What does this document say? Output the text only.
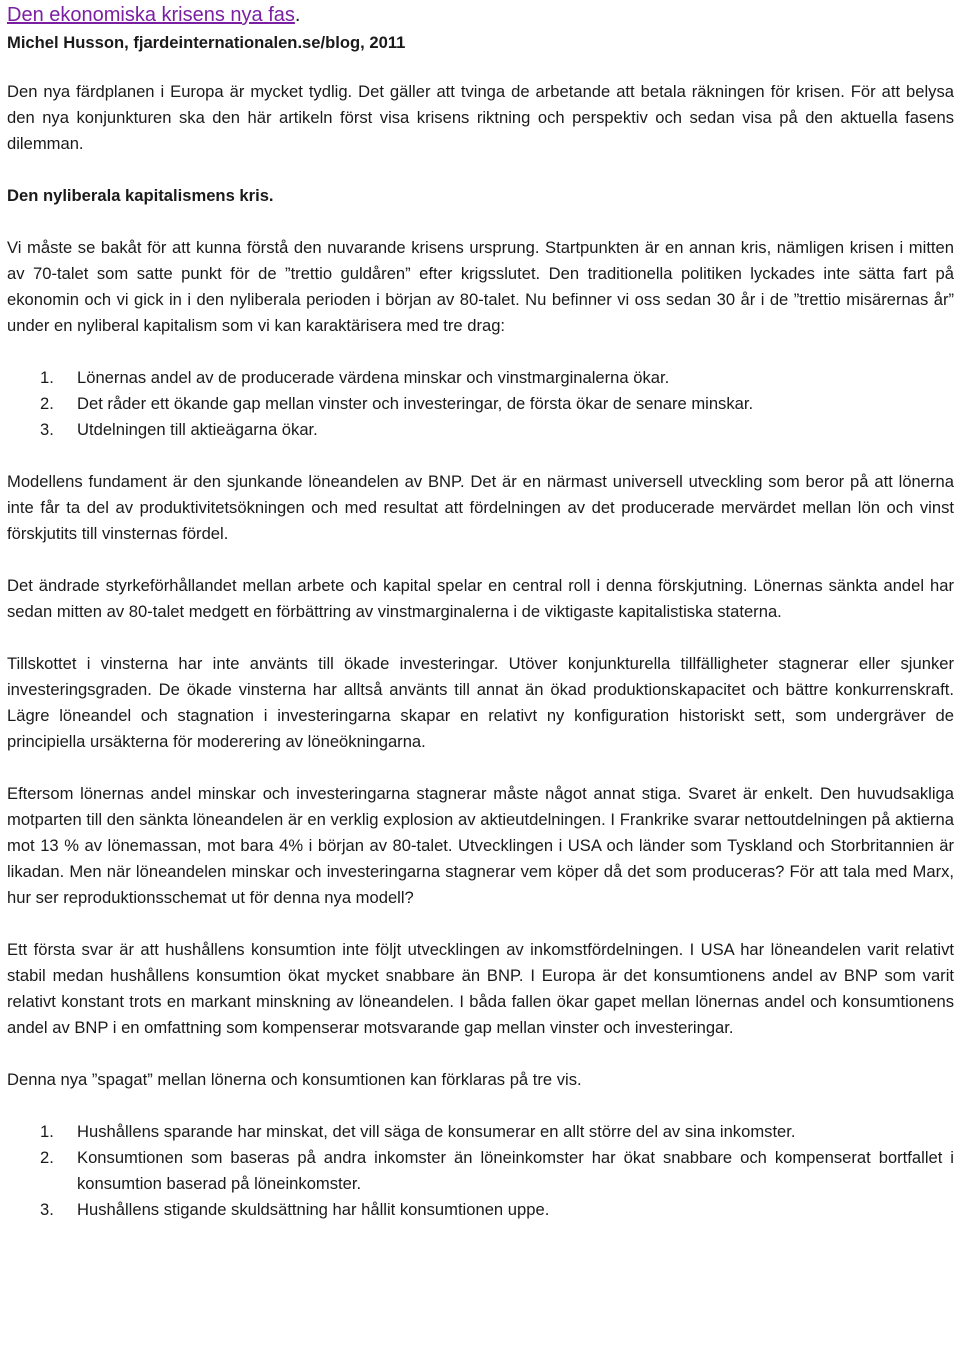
Den ekonomiska krisens nya fas.
Michel Husson, fjardeinternationalen.se/blog, 2011

Den nya färdplanen i Europa är mycket tydlig. Det gäller att tvinga de arbetande att betala räkningen för krisen. För att belysa den nya konjunkturen ska den här artikeln först visa krisens riktning och perspektiv och sedan visa på den aktuella fasens dilemman.

Den nyliberala kapitalismens kris.

Vi måste se bakåt för att kunna förstå den nuvarande krisens ursprung. Startpunkten är en annan kris, nämligen krisen i mitten av 70-talet som satte punkt för de ”trettio guldåren” efter krigsslutet. Den traditionella politiken lyckades inte sätta fart på ekonomin och vi gick in i den nyliberala perioden i början av 80-talet. Nu befinner vi oss sedan 30 år i de ”trettio misärernas år” under en nyliberal kapitalism som vi kan karaktärisera med tre drag:

1.	Lönernas andel av de producerade värdena minskar och vinstmarginalerna ökar.
2.	Det råder ett ökande gap mellan vinster och investeringar, de första ökar de senare minskar.
3.	Utdelningen till aktieägarna ökar.

Modellens fundament är den sjunkande löneandelen av BNP. Det är en närmast universell utveckling som beror på att lönerna inte får ta del av produktivitetsökningen och med resultat att fördelningen av det producerade mervärdet mellan lön och vinst förskjutits till vinsternas fördel.

Det ändrade styrkeförhållandet mellan arbete och kapital spelar en central roll i denna förskjutning. Lönernas sänkta andel har sedan mitten av 80-talet medgett en förbättring av vinstmarginalerna i de viktigaste kapitalistiska staterna.

Tillskottet i vinsterna har inte använts till ökade investeringar. Utöver konjunkturella tillfälligheter stagnerar eller sjunker investeringsgraden. De ökade vinsterna har alltså använts till annat än ökad produktionskapacitet och bättre konkurrenskraft. Lägre löneandel och stagnation i investeringarna skapar en relativt ny konfiguration historiskt sett, som undergräver de principiella ursäkterna för moderering av löneökningarna.

Eftersom lönernas andel minskar och investeringarna stagnerar måste något annat stiga. Svaret är enkelt. Den huvudsakliga motparten till den sänkta löneandelen är en verklig explosion av aktieutdelningen. I Frankrike svarar nettoutdelningen på aktierna mot 13 % av lönemassan, mot bara 4% i början av 80-talet. Utvecklingen i USA och länder som Tyskland och Storbritannien är likadan. Men när löneandelen minskar och investeringarna stagnerar vem köper då det som produceras? För att tala med Marx, hur ser reproduktionsschemat ut för denna nya modell?

Ett första svar är att hushållens konsumtion inte följt utvecklingen av inkomstfördelningen. I USA har löneandelen varit relativt stabil medan hushållens konsumtion ökat mycket snabbare än BNP. I Europa är det konsumtionens andel av BNP som varit relativt konstant trots en markant minskning av löneandelen. I båda fallen ökar gapet mellan lönernas andel och konsumtionens andel av BNP i en omfattning som kompenserar motsvarande gap mellan vinster och investeringar.

Denna nya ”spagat” mellan lönerna och konsumtionen kan förklaras på tre vis.

1.	Hushållens sparande har minskat, det vill säga de konsumerar en allt större del av sina inkomster.
2.	Konsumtionen som baseras på andra inkomster än löneinkomster har ökat snabbare och kompenserat bortfallet i konsumtion baserad på löneinkomster.
3.	Hushållens stigande skuldsättning har hållit konsumtionen uppe.
